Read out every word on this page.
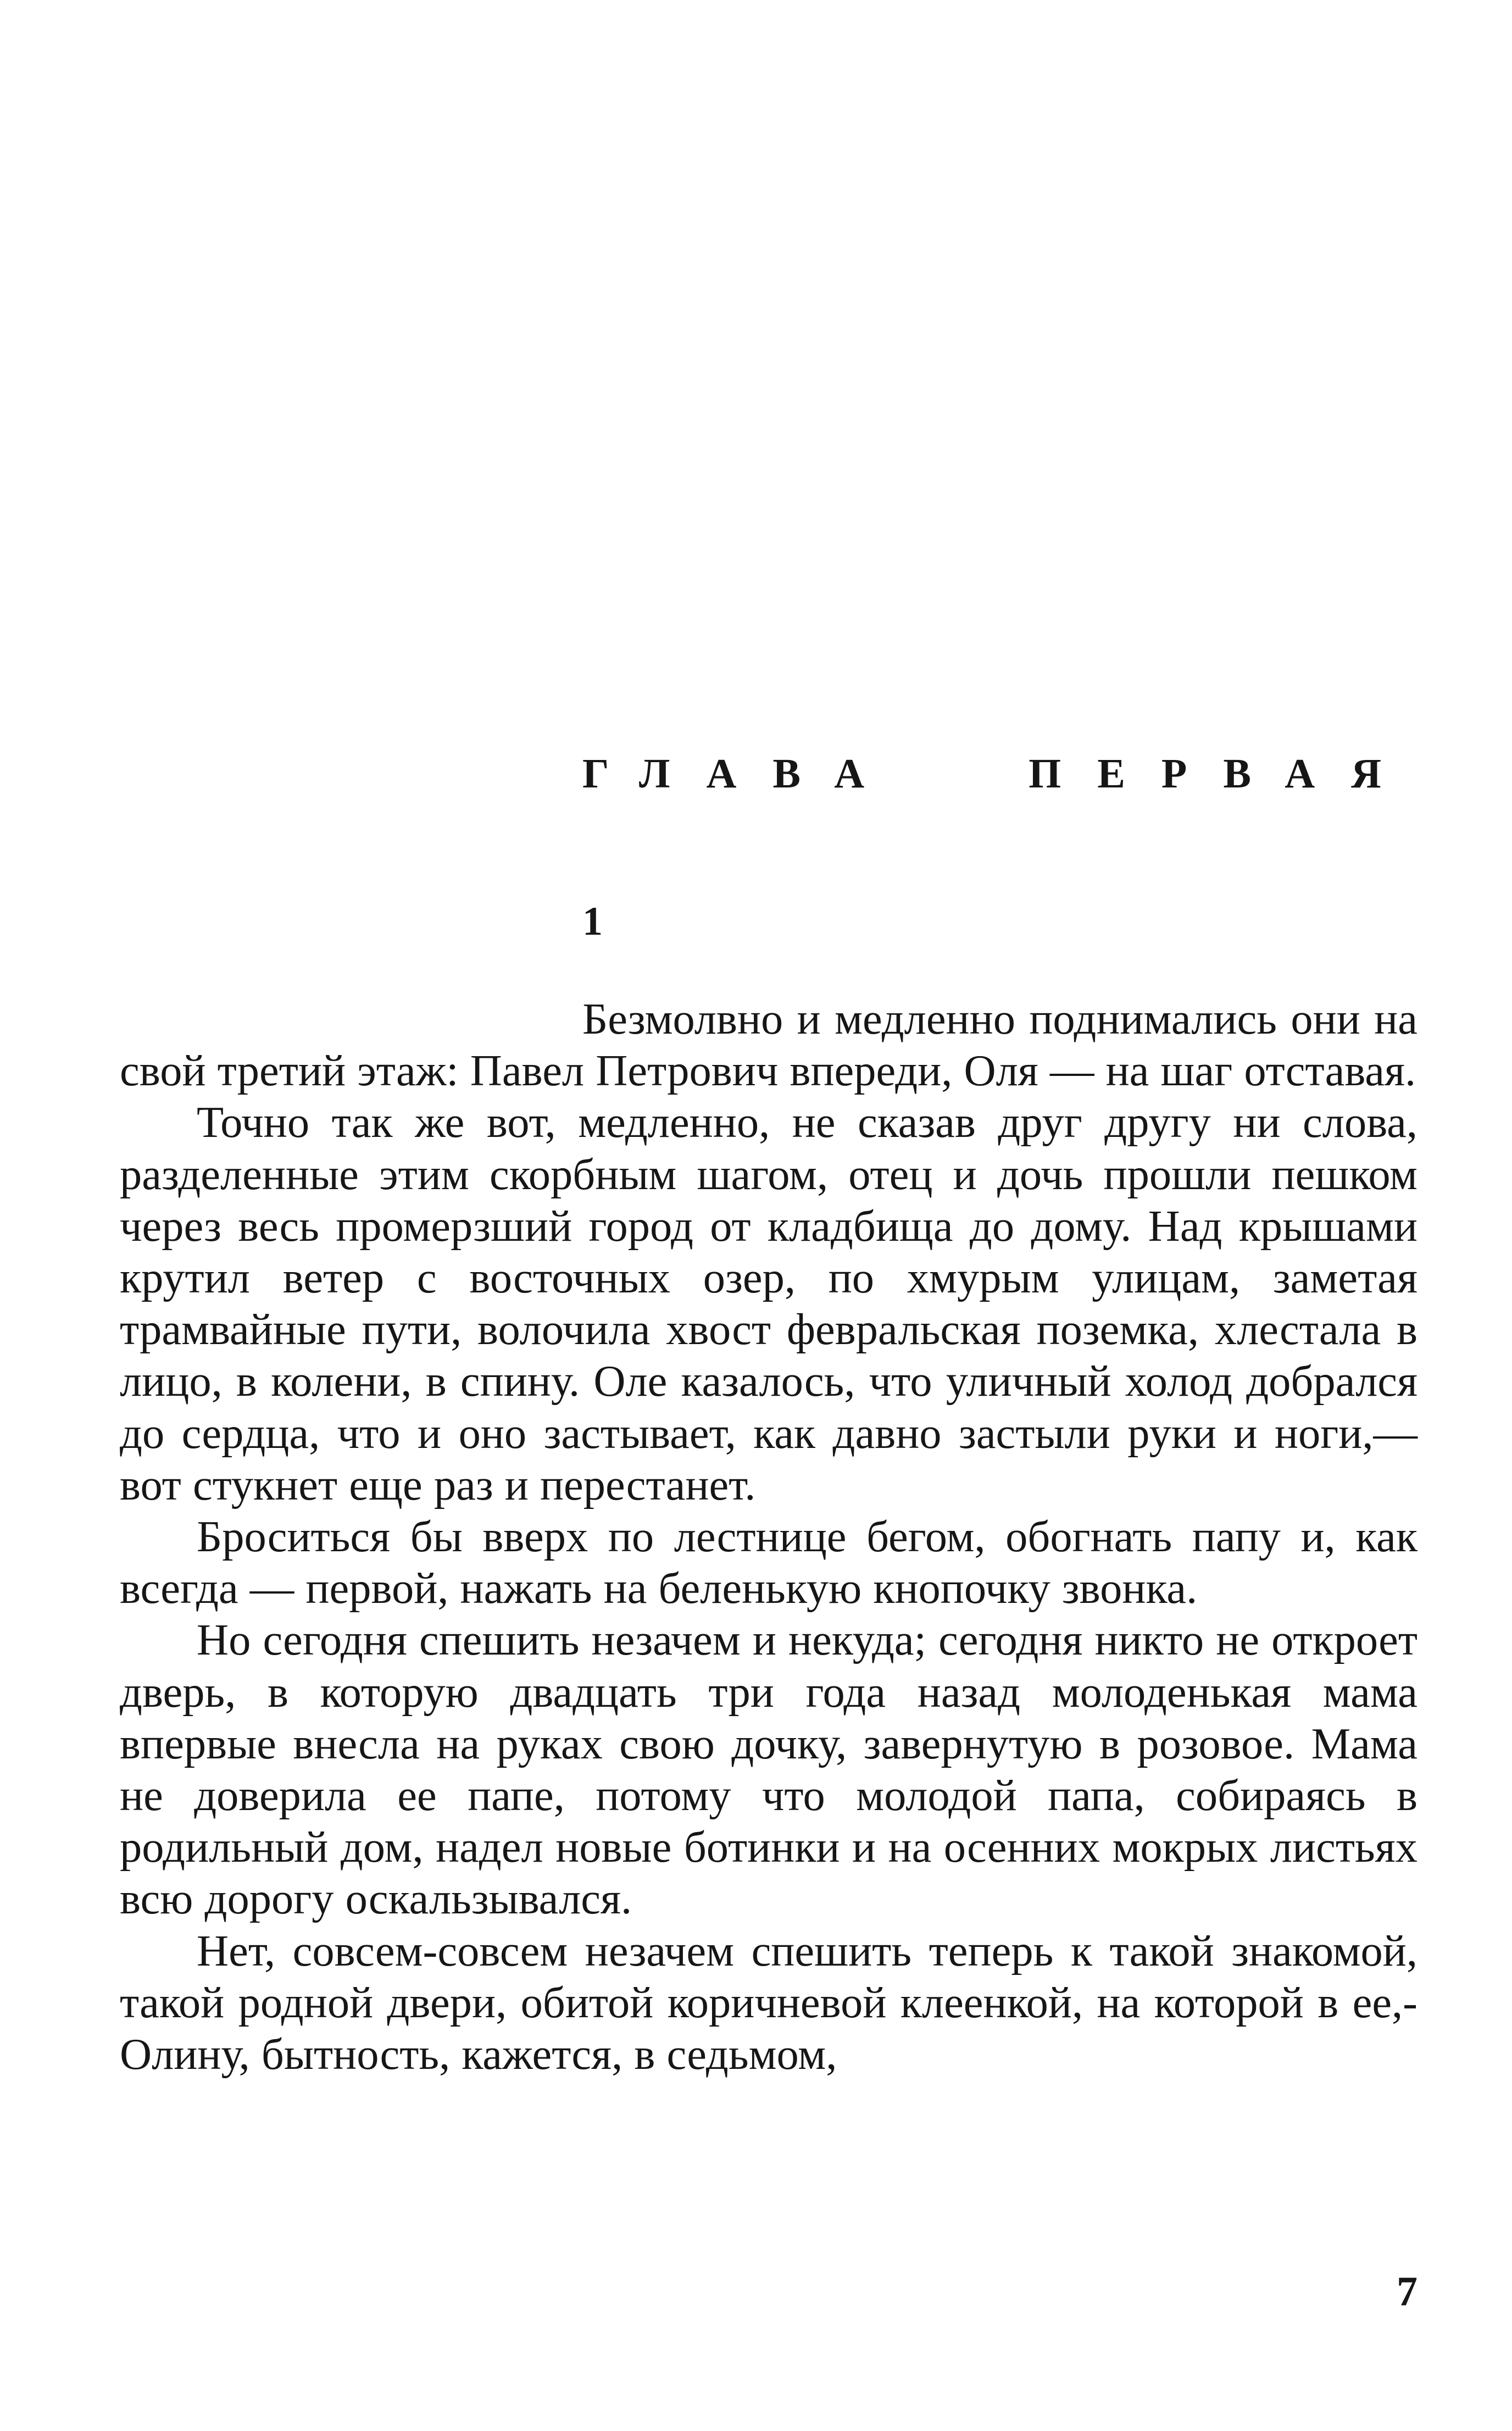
ГЛАВА	ПЕРВАЯ
1

Безмолвно и медленно поднимались они на свой третий этаж: Павел Петрович впереди, Оля — на шаг отставая.

Точно так же вот, медленно, не сказав друг другу ни слова, разделенные этим скорбным шагом, отец и дочь прошли пешком через весь промерзший город от кладбища до дому. Над крышами крутил ветер с восточных озер, по хмурым улицам, заметая трамвайные пути, волочила хвост февральская поземка, хлестала в лицо, в колени, в спину. Оле казалось, что уличный холод добрался до сердца, что и оно застывает, как давно застыли руки и ноги,— вот стукнет еще раз и перестанет.

Броситься бы вверх по лестнице бегом, обогнать папу и, как всегда — первой, нажать на беленькую кнопочку звонка.

Но сегодня спешить незачем и некуда; сегодня никто не откроет дверь, в которую двадцать три года назад молоденькая мама впервые внесла на руках свою дочку, завернутую в розовое. Мама не доверила ее папе, потому что молодой папа, собираясь в родильный дом, надел новые ботинки и на осенних мокрых листьях всю дорогу оскальзывался.

Нет, совсем-совсем незачем спешить теперь к такой знакомой, такой родной двери, обитой коричневой клеенкой, на которой в ее,- Олину, бытность, кажется, в седьмом,

7
